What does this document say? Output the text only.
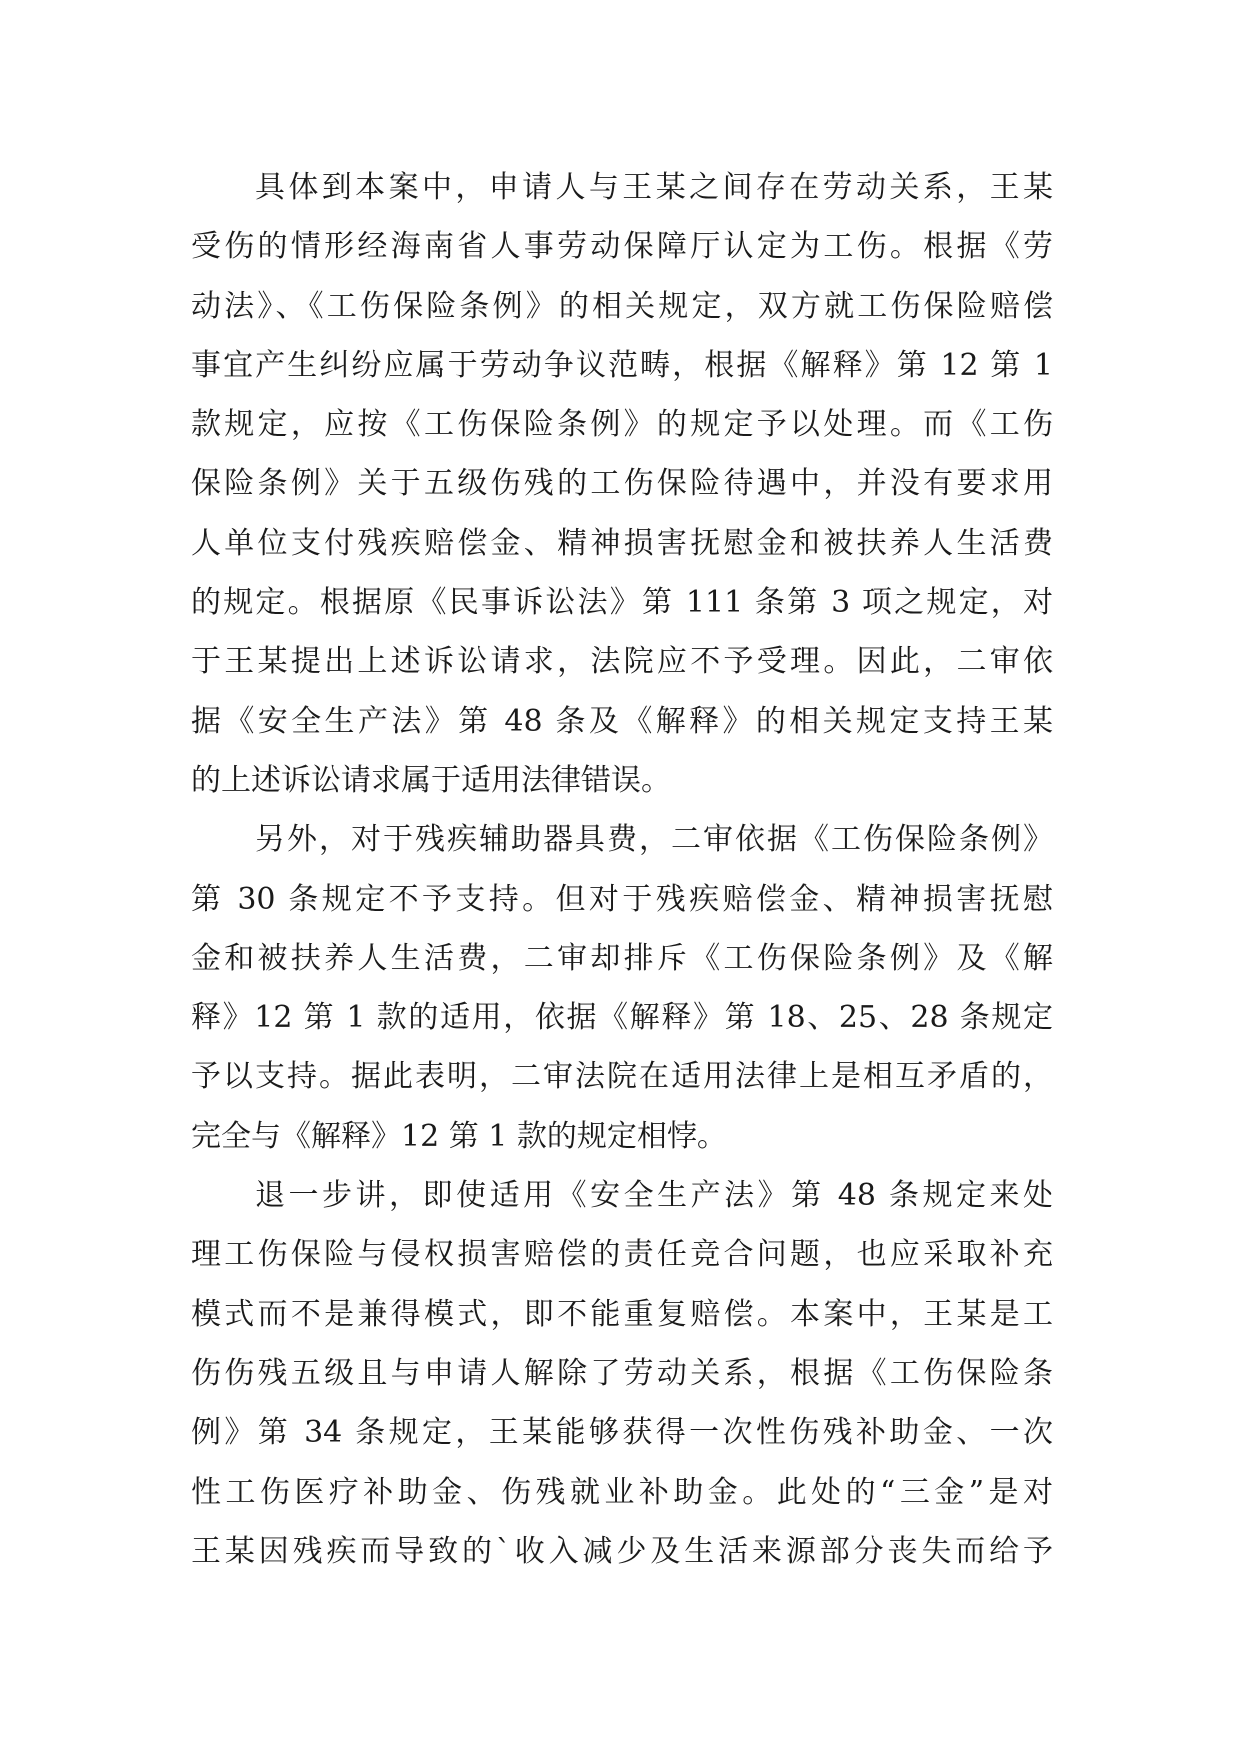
具体到本案中，申请人与王某之间存在劳动关系，王某
受伤的情形经海南省人事劳动保障厅认定为工伤。根据《劳
动法》、《工伤保险条例》的相关规定，双方就工伤保险赔偿
事宜产生纠纷应属于劳动争议范畴，根据《解释》第 12 第 1
款规定，应按《工伤保险条例》的规定予以处理。而《工伤
保险条例》关于五级伤残的工伤保险待遇中，并没有要求用
人单位支付残疾赔偿金、精神损害抚慰金和被扶养人生活费
的规定。根据原《民事诉讼法》第 111 条第 3 项之规定，对
于王某提出上述诉讼请求，法院应不予受理。因此，二审依
据《安全生产法》第 48 条及《解释》的相关规定支持王某
的上述诉讼请求属于适用法律错误。
另外，对于残疾辅助器具费，二审依据《工伤保险条例》
第 30 条规定不予支持。但对于残疾赔偿金、精神损害抚慰
金和被扶养人生活费，二审却排斥《工伤保险条例》及《解
释》12 第 1 款的适用，依据《解释》第 18、25、28 条规定
予以支持。据此表明，二审法院在适用法律上是相互矛盾的，
完全与《解释》12 第 1 款的规定相悖。
退一步讲，即使适用《安全生产法》第 48 条规定来处
理工伤保险与侵权损害赔偿的责任竞合问题，也应采取补充
模式而不是兼得模式，即不能重复赔偿。本案中，王某是工
伤伤残五级且与申请人解除了劳动关系，根据《工伤保险条
例》第 34 条规定，王某能够获得一次性伤残补助金、一次
性工伤医疗补助金、伤残就业补助金。此处的“三金”是对
王某因残疾而导致的`收入减少及生活来源部分丧失而给予
